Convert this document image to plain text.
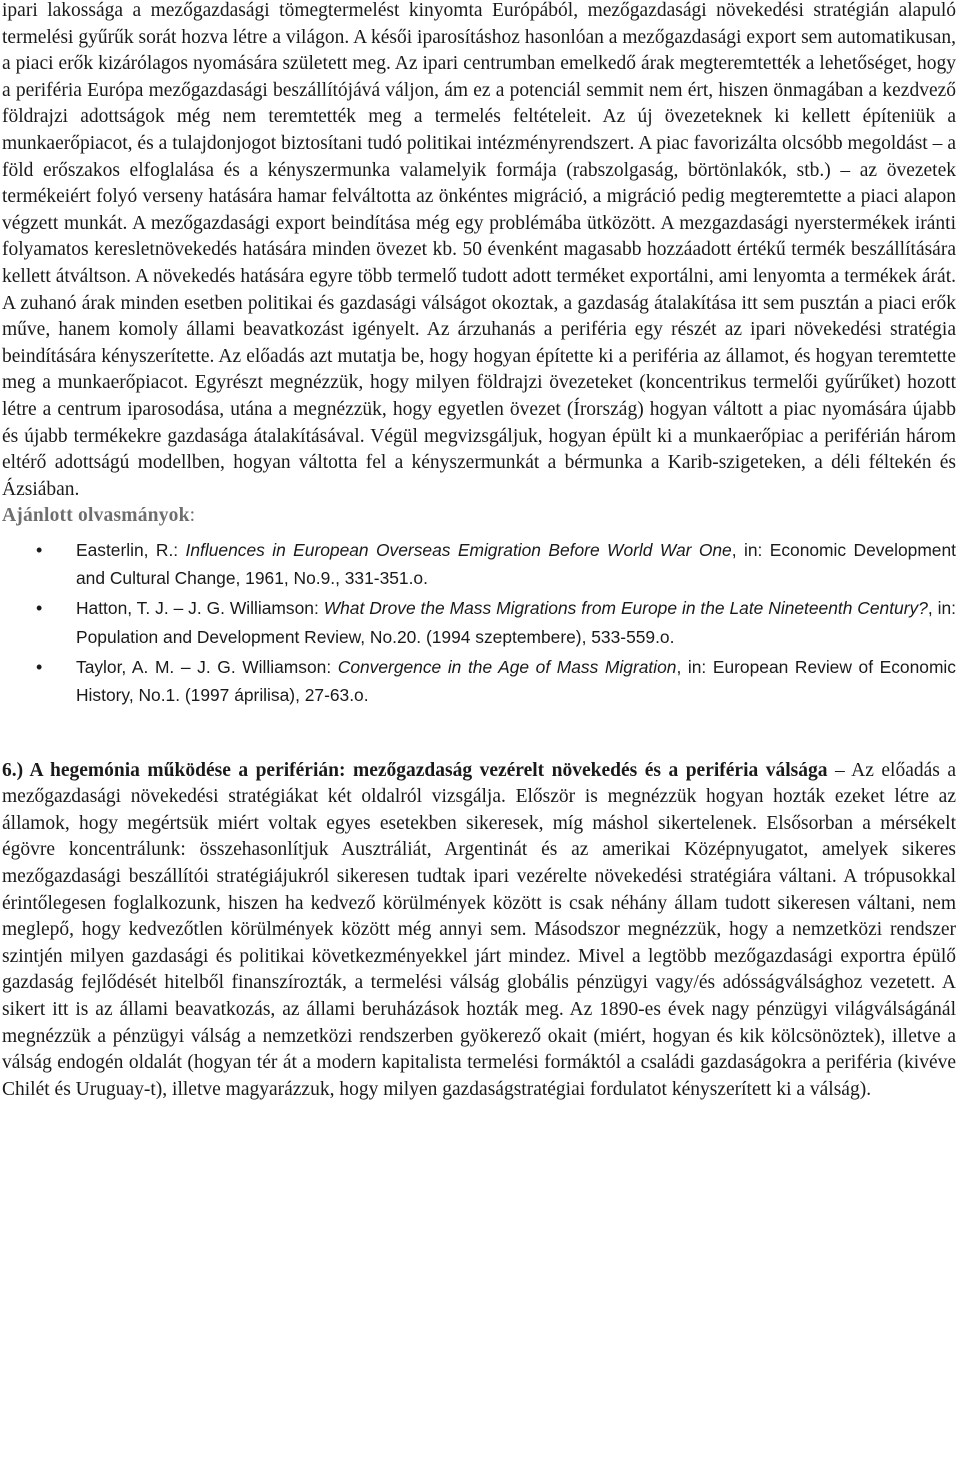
ipari lakossága a mezőgazdasági tömegtermelést kinyomta Európából, mezőgazdasági növekedési stratégián alapuló termelési gyűrűk sorát hozva létre a világon. A késői iparosításhoz hasonlóan a mezőgazdasági export sem automatikusan, a piaci erők kizárólagos nyomására született meg. Az ipari centrumban emelkedő árak megteremtették a lehetőséget, hogy a periféria Európa mezőgazdasági beszállítójává váljon, ám ez a potenciál semmit nem ért, hiszen önmagában a kezdvező földrajzi adottságok még nem teremtették meg a termelés feltételeit. Az új övezeteknek ki kellett építeniük a munkaerőpiacot, és a tulajdonjogot biztosítani tudó politikai intézményrendszert. A piac favorizálta olcsóbb megoldást – a föld erőszakos elfoglalása és a kényszermunka valamelyik formája (rabszolgaság, börtönlakók, stb.) – az övezetek termékeiért folyó verseny hatására hamar felváltotta az önkéntes migráció, a migráció pedig megteremtette a piaci alapon végzett munkát. A mezőgazdasági export beindítása még egy problémába ütközött. A mezgazdasági nyerstermékek iránti folyamatos keresletnövekedés hatására minden övezet kb. 50 évenként magasabb hozzáadott értékű termék beszállítására kellett átváltson. A növekedés hatására egyre több termelő tudott adott terméket exportálni, ami lenyomta a termékek árát. A zuhanó árak minden esetben politikai és gazdasági válságot okoztak, a gazdaság átalakítása itt sem pusztán a piaci erők műve, hanem komoly állami beavatkozást igényelt. Az árzuhanás a periféria egy részét az ipari növekedési stratégia beindítására kényszerítette. Az előadás azt mutatja be, hogy hogyan építette ki a periféria az államot, és hogyan teremtette meg a munkaerőpiacot. Egyrészt megnézzük, hogy milyen földrajzi övezeteket (koncentrikus termelői gyűrűket) hozott létre a centrum iparosodása, utána a megnézzük, hogy egyetlen övezet (Írország) hogyan váltott a piac nyomására újabb és újabb termékekre gazdasága átalakításával. Végül megvizsgáljuk, hogyan épült ki a munkaerőpiac a periférián három eltérő adottságú modellben, hogyan váltotta fel a kényszermunkát a bérmunka a Karib-szigeteken, a déli féltekén és Ázsiában.

Ajánlott olvasmányok:

• Easterlin, R.: Influences in European Overseas Emigration Before World War One, in: Economic Development and Cultural Change, 1961, No.9., 331-351.o.
• Hatton, T. J. – J. G. Williamson: What Drove the Mass Migrations from Europe in the Late Nineteenth Century?, in: Population and Development Review, No.20. (1994 szeptembere), 533-559.o.
• Taylor, A. M. – J. G. Williamson: Convergence in the Age of Mass Migration, in: European Review of Economic History, No.1. (1997 áprilisa), 27-63.o.

6.) A hegemónia működése a periférián: mezőgazdaság vezérelt növekedés és a periféria válsága – Az előadás a mezőgazdasági növekedési stratégiákat két oldalról vizsgálja. Először is megnézzük hogyan hozták ezeket létre az államok, hogy megértsük miért voltak egyes esetekben sikeresek, míg máshol sikertelenek. Elsősorban a mérsékelt égövre koncentrálunk: összehasonlítjuk Ausztráliát, Argentinát és az amerikai Középnyugatot, amelyek sikeres mezőgazdasági beszállítói stratégiájukról sikeresen tudtak ipari vezérelte növekedési stratégiára váltani. A trópusokkal érintőlegesen foglalkozunk, hiszen ha kedvező körülmények között is csak néhány állam tudott sikeresen váltani, nem meglepő, hogy kedvezőtlen körülmények között még annyi sem. Másodszor megnézzük, hogy a nemzetközi rendszer szintjén milyen gazdasági és politikai következményekkel járt mindez. Mivel a legtöbb mezőgazdasági exportra épülő gazdaság fejlődését hitelből finanszírozták, a termelési válság globális pénzügyi vagy/és adósságválsághoz vezetett. A sikert itt is az állami beavatkozás, az állami beruházások hozták meg. Az 1890-es évek nagy pénzügyi világválságánál megnézzük a pénzügyi válság a nemzetközi rendszerben gyökerező okait (miért, hogyan és kik kölcsönöztek), illetve a válság endogén oldalát (hogyan tér át a modern kapitalista termelési formáktól a családi gazdaságokra a periféria (kivéve Chilét és Uruguay-t), illetve magyarázzuk, hogy milyen gazdaságstratégiai fordulatot kényszerített ki a válság).
